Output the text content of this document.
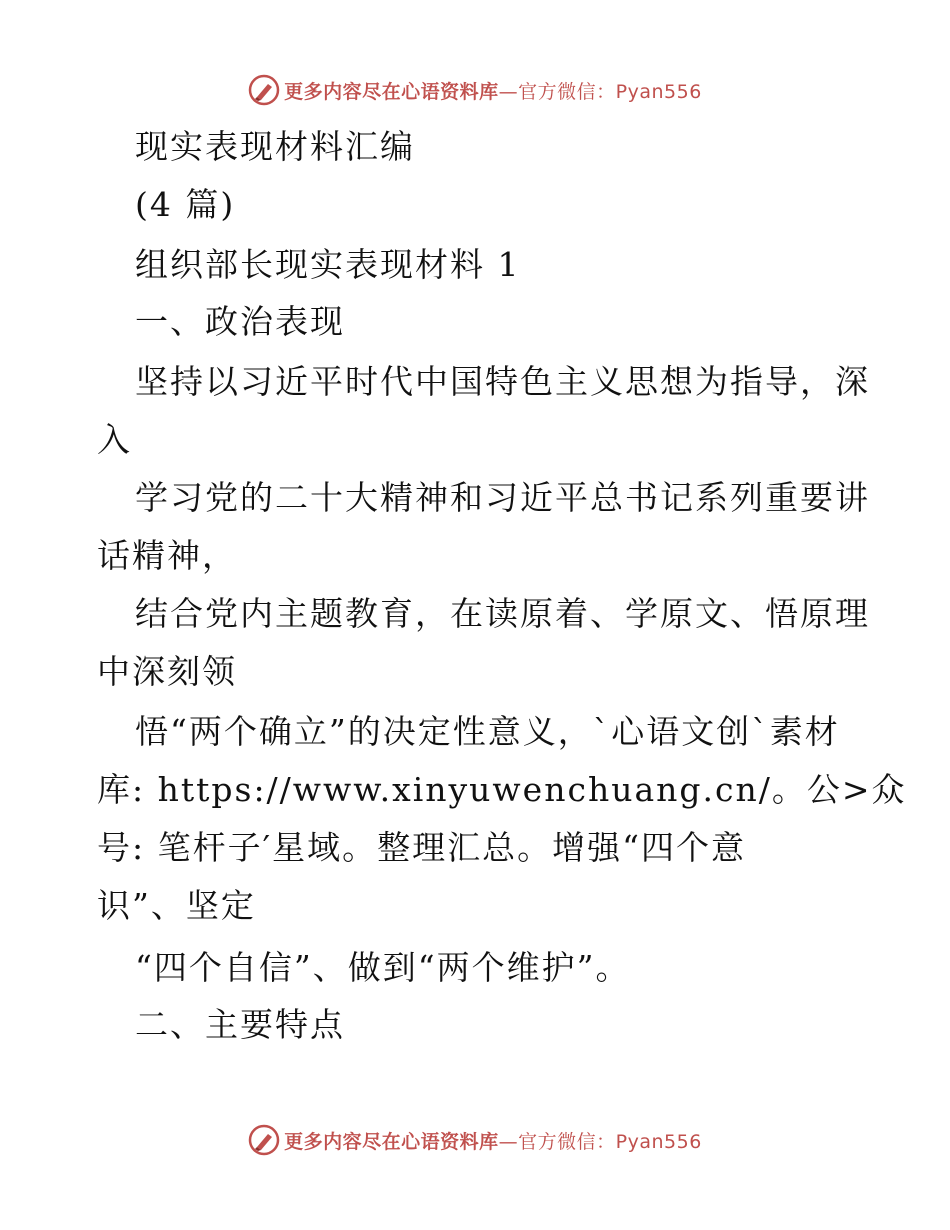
更多内容尽在心语资料库—官方微信：Pyan556
现实表现材料汇编
(4 篇)
组织部长现实表现材料 1
一、政治表现
坚持以习近平时代中国特色主义思想为指导，深
入
学习党的二十大精神和习近平总书记系列重要讲
话精神，
结合党内主题教育，在读原着、学原文、悟原理
中深刻领
悟“两个确立”的决定性意义，`心语文创`素材
库: https://www.xinyuwenchuang.cn/。公>众
号: 笔杆子′星域。整理汇总。增强“四个意
识”、坚定
“四个自信”、做到“两个维护”。
二、主要特点
更多内容尽在心语资料库—官方微信：Pyan556
